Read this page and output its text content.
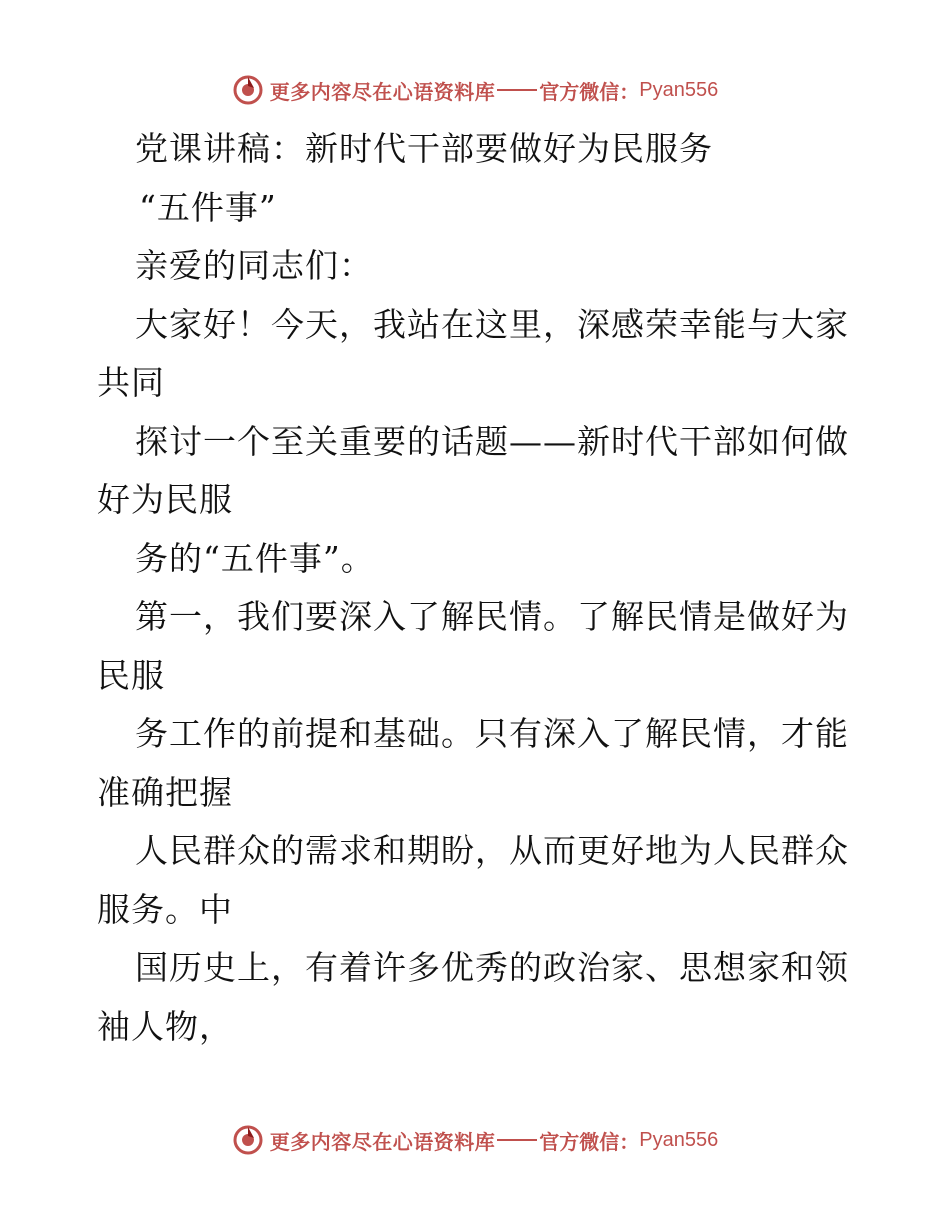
更多内容尽在心语资料库 官方微信： Pyan556
党课讲稿：新时代干部要做好为民服务
“五件事”
亲爱的同志们：
大家好！今天，我站在这里，深感荣幸能与大家
共同
探讨一个至关重要的话题——新时代干部如何做
好为民服
务的“五件事”。
第一，我们要深入了解民情。了解民情是做好为
民服
务工作的前提和基础。只有深入了解民情，才能
准确把握
人民群众的需求和期盼，从而更好地为人民群众
服务。中
国历史上，有着许多优秀的政治家、思想家和领
袖人物，
更多内容尽在心语资料库 官方微信： Pyan556
